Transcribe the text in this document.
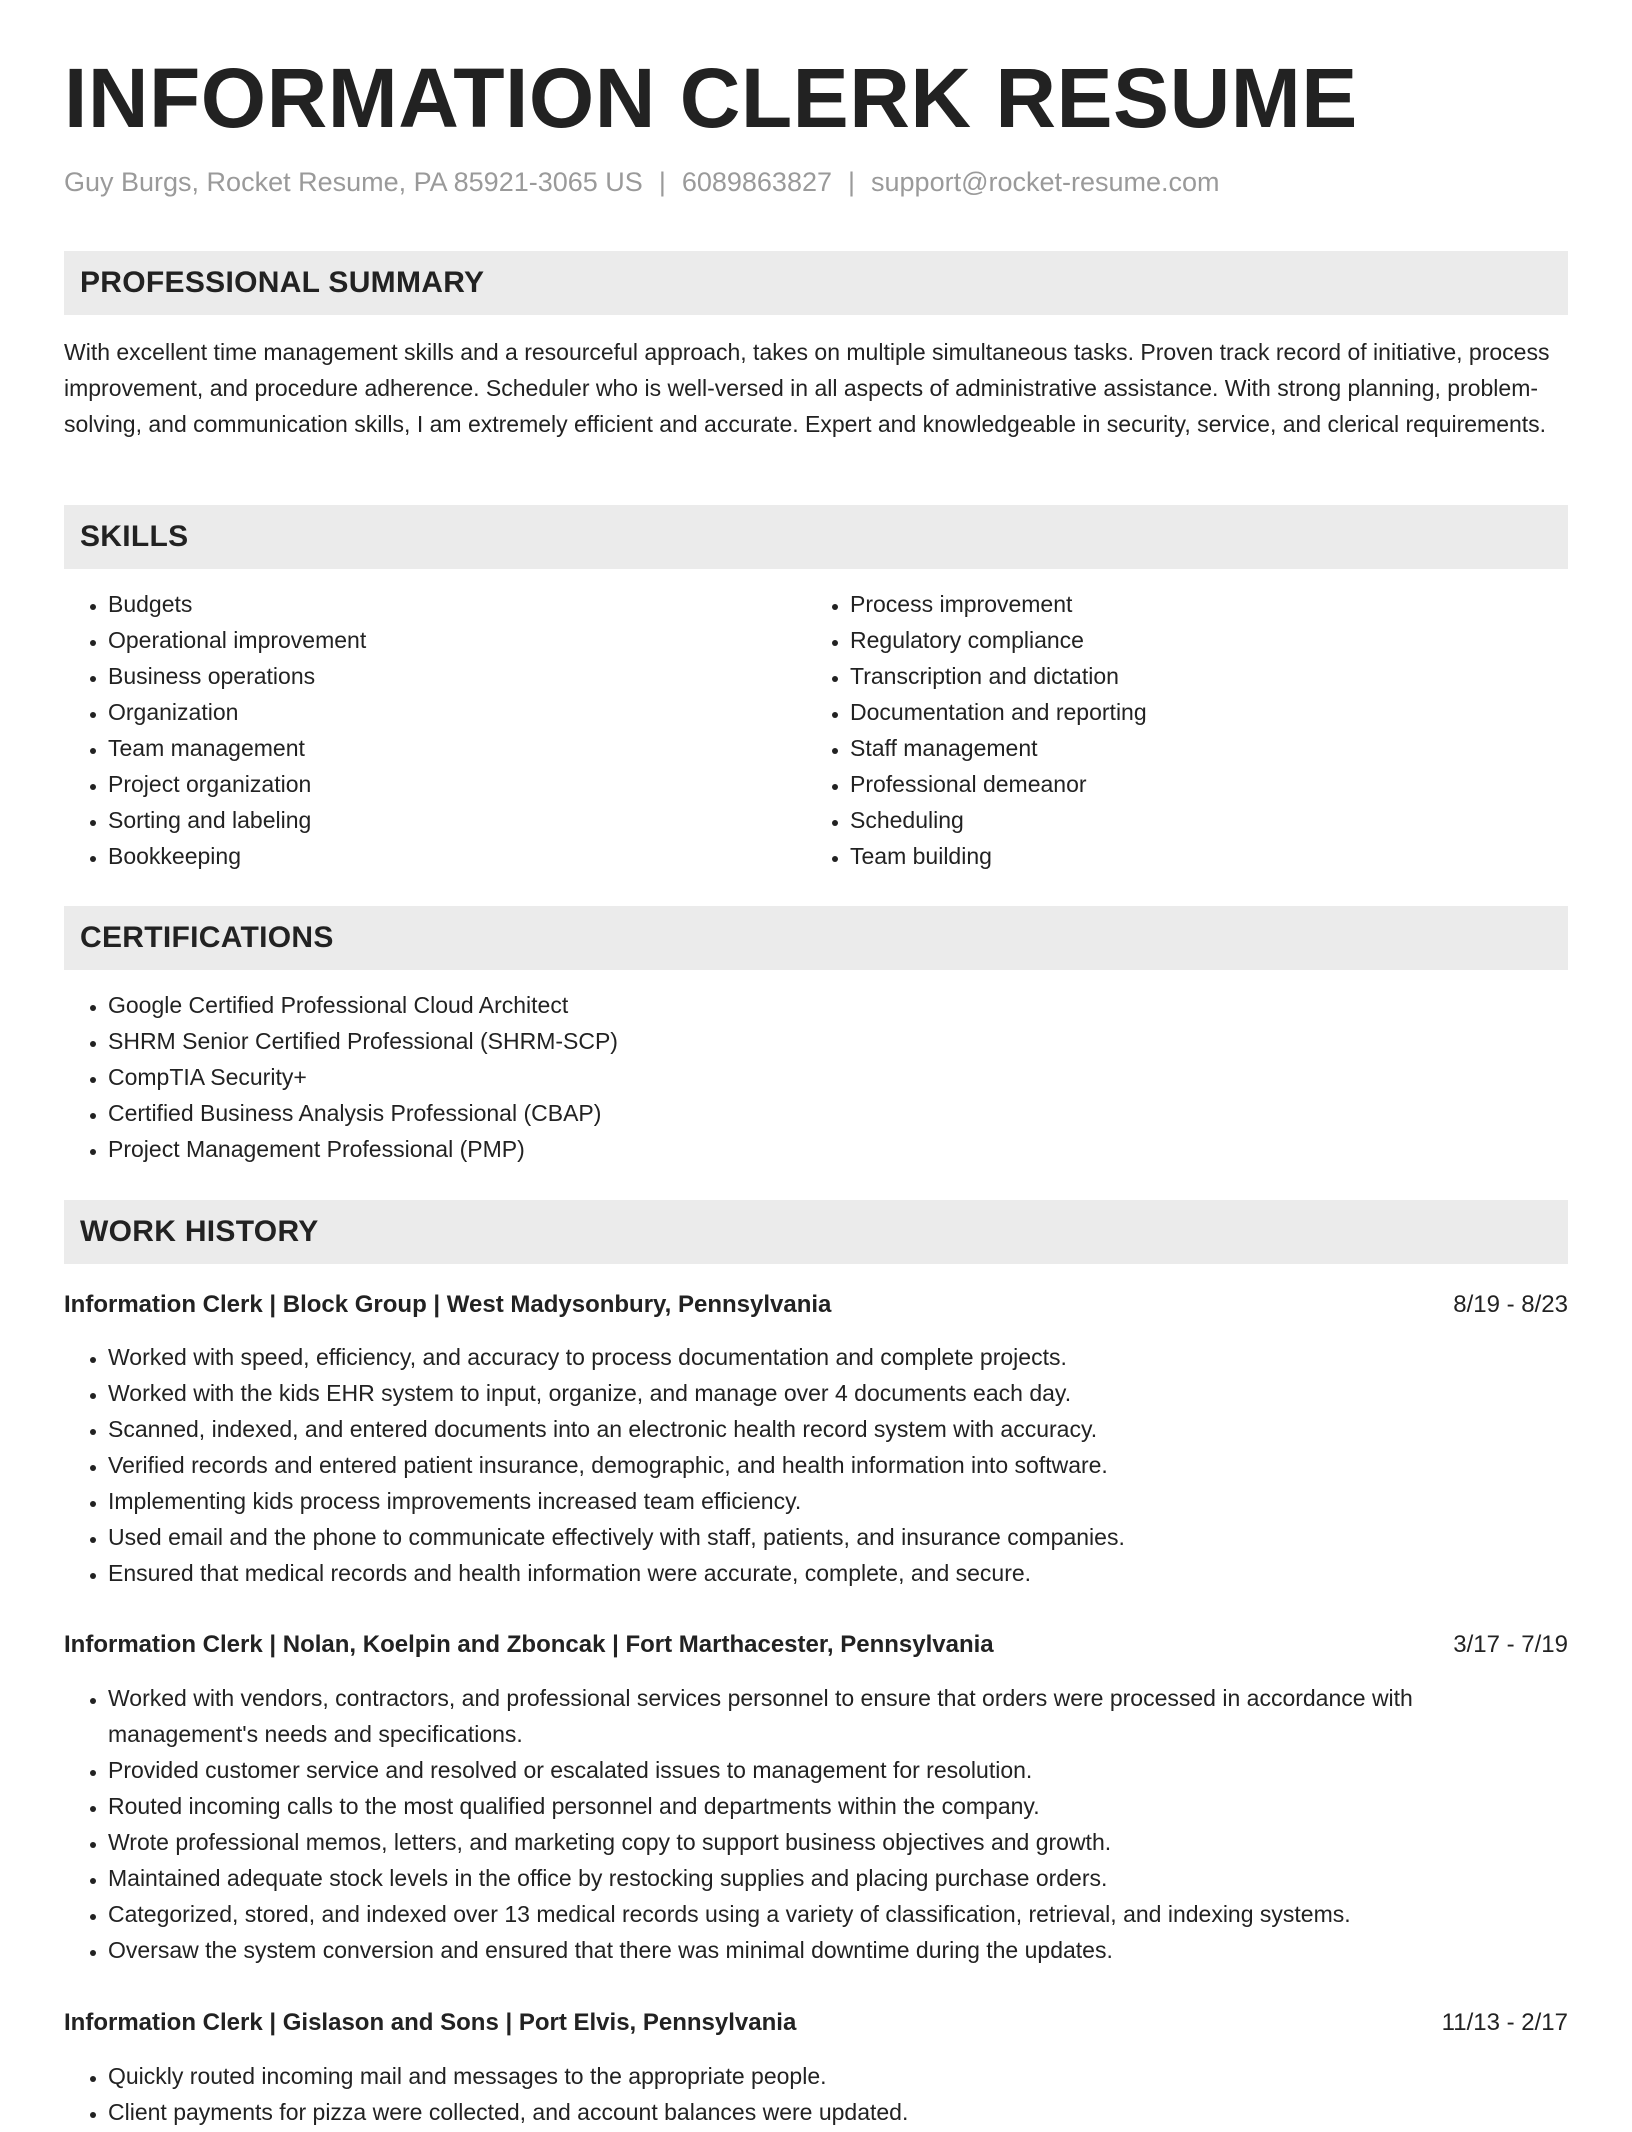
INFORMATION CLERK RESUME
Guy Burgs, Rocket Resume, PA 85921-3065 US | 6089863827 | support@rocket-resume.com
PROFESSIONAL SUMMARY

With excellent time management skills and a resourceful approach, takes on multiple simultaneous tasks. Proven track record of initiative, process improvement, and procedure adherence. Scheduler who is well-versed in all aspects of administrative assistance. With strong planning, problem-solving, and communication skills, I am extremely efficient and accurate. Expert and knowledgeable in security, service, and clerical requirements.

SKILLS
• Budgets
• Operational improvement
• Business operations
• Organization
• Team management
• Project organization
• Sorting and labeling
• Bookkeeping
• Process improvement
• Regulatory compliance
• Transcription and dictation
• Documentation and reporting
• Staff management
• Professional demeanor
• Scheduling
• Team building
CERTIFICATIONS
• Google Certified Professional Cloud Architect
• SHRM Senior Certified Professional (SHRM-SCP)
• CompTIA Security+
• Certified Business Analysis Professional (CBAP)
• Project Management Professional (PMP)
WORK HISTORY
Information Clerk | Block Group | West Madysonbury, Pennsylvania	8/19 - 8/23
• Worked with speed, efficiency, and accuracy to process documentation and complete projects.
• Worked with the kids EHR system to input, organize, and manage over 4 documents each day.
• Scanned, indexed, and entered documents into an electronic health record system with accuracy.
• Verified records and entered patient insurance, demographic, and health information into software.
• Implementing kids process improvements increased team efficiency.
• Used email and the phone to communicate effectively with staff, patients, and insurance companies.
• Ensured that medical records and health information were accurate, complete, and secure.
Information Clerk | Nolan, Koelpin and Zboncak | Fort Marthacester, Pennsylvania	3/17 - 7/19
• Worked with vendors, contractors, and professional services personnel to ensure that orders were processed in accordance with management's needs and specifications.
• Provided customer service and resolved or escalated issues to management for resolution.
• Routed incoming calls to the most qualified personnel and departments within the company.
• Wrote professional memos, letters, and marketing copy to support business objectives and growth.
• Maintained adequate stock levels in the office by restocking supplies and placing purchase orders.
• Categorized, stored, and indexed over 13 medical records using a variety of classification, retrieval, and indexing systems.
• Oversaw the system conversion and ensured that there was minimal downtime during the updates.
Information Clerk | Gislason and Sons | Port Elvis, Pennsylvania	11/13 - 2/17
• Quickly routed incoming mail and messages to the appropriate people.
• Client payments for pizza were collected, and account balances were updated.
